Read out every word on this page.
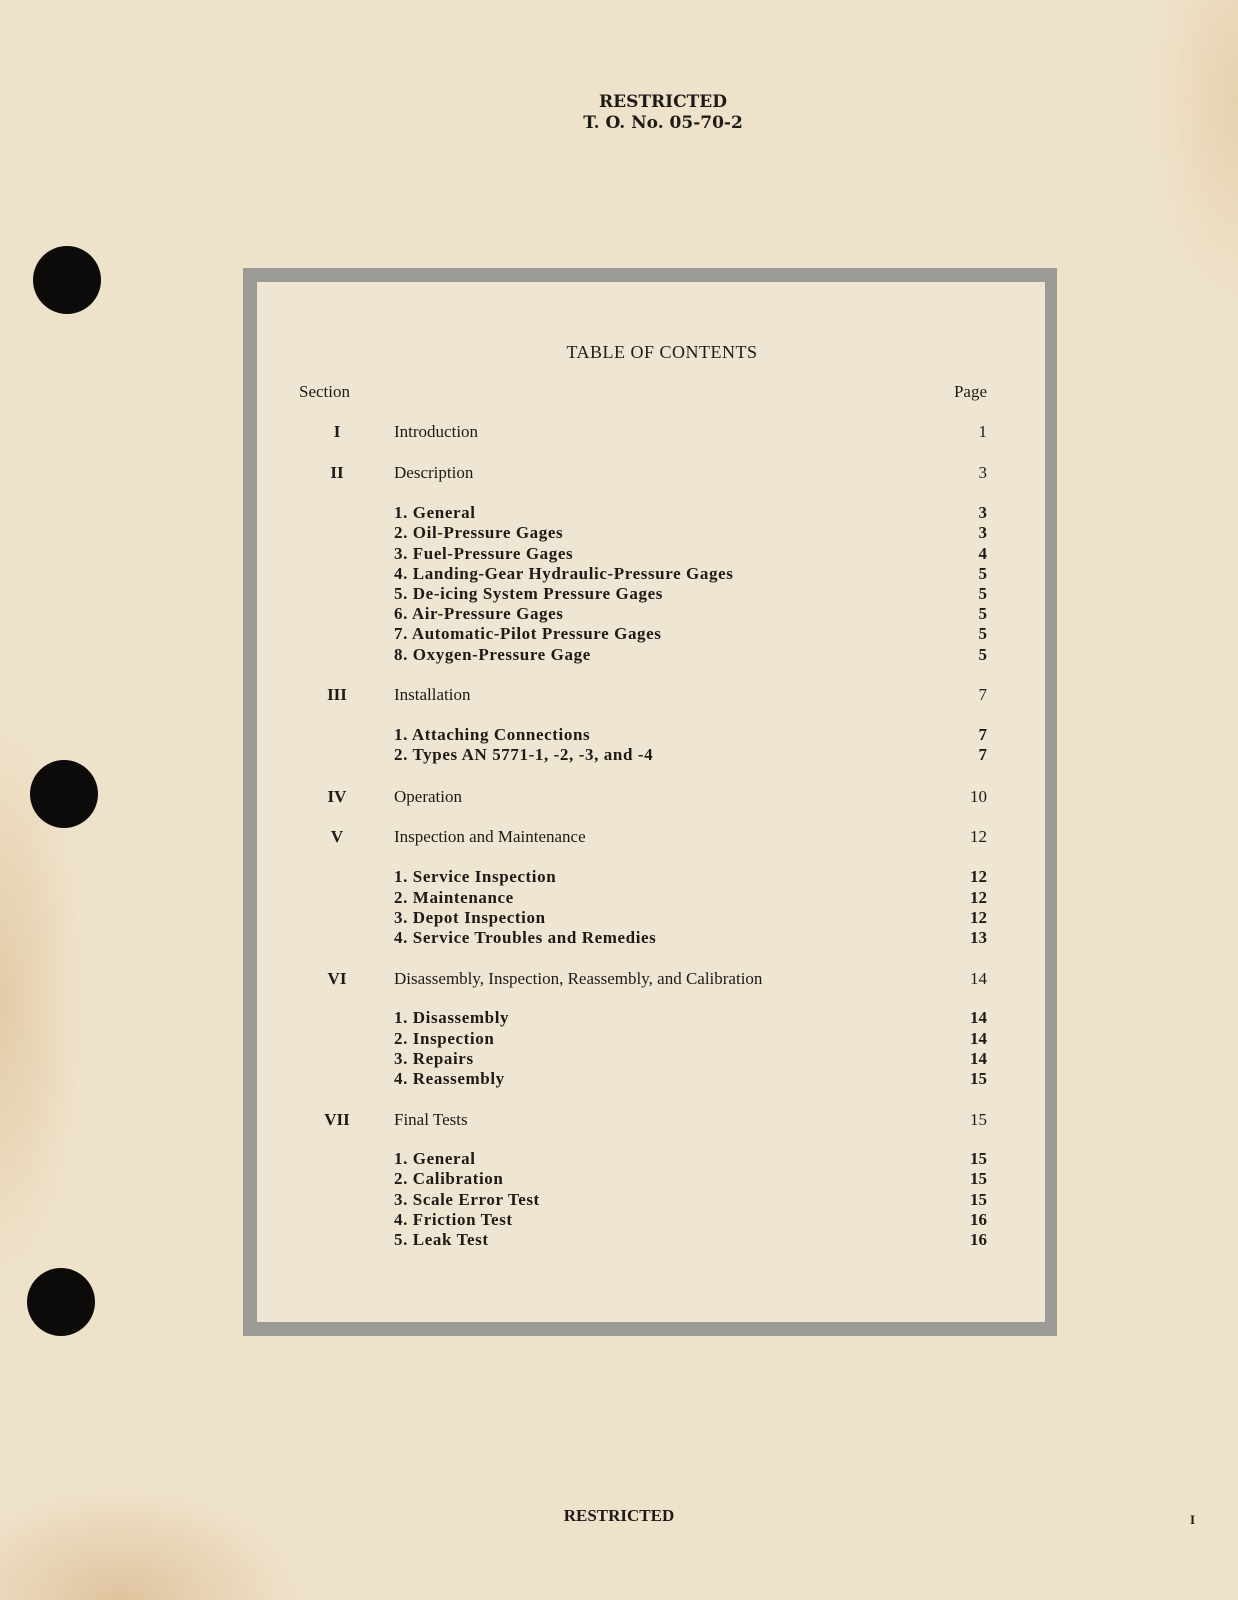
RESTRICTED
T. O. No. 05-70-2
TABLE OF CONTENTS
Section	Page
I	Introduction	1
II	Description	3
1. General	3
2. Oil-Pressure Gages	3
3. Fuel-Pressure Gages	4
4. Landing-Gear Hydraulic-Pressure Gages	5
5. De-icing System Pressure Gages	5
6. Air-Pressure Gages	5
7. Automatic-Pilot Pressure Gages	5
8. Oxygen-Pressure Gage	5
III	Installation	7
1. Attaching Connections	7
2. Types AN 5771-1, -2, -3, and -4	7
IV	Operation	10
V	Inspection and Maintenance	12
1. Service Inspection	12
2. Maintenance	12
3. Depot Inspection	12
4. Service Troubles and Remedies	13
VI	Disassembly, Inspection, Reassembly, and Calibration	14
1. Disassembly	14
2. Inspection	14
3. Repairs	14
4. Reassembly	15
VII	Final Tests	15
1. General	15
2. Calibration	15
3. Scale Error Test	15
4. Friction Test	16
5. Leak Test	16
RESTRICTED	I
